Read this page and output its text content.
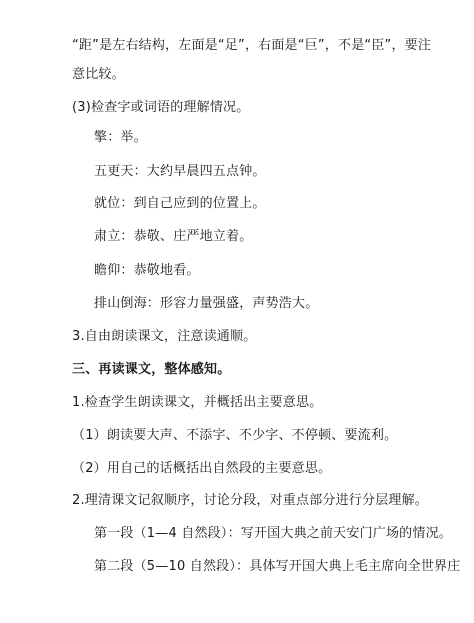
“距”是左右结构，左面是“足”，右面是“巨”，不是“臣”，要注
意比较。
(3)检查字或词语的理解情况。
擎：举。
五更天：大约早晨四五点钟。
就位：到自己应到的位置上。
肃立：恭敬、庄严地立着。
瞻仰：恭敬地看。
排山倒海：形容力量强盛，声势浩大。
3.自由朗读课文，注意读通顺。
三、再读课文，整体感知。
1.检查学生朗读课文，并概括出主要意思。
（1）朗读要大声、不添字、不少字、不停顿、要流利。
（2）用自己的话概括出自然段的主要意思。
2.理清课文记叙顺序，讨论分段，对重点部分进行分层理解。
第一段（1—4 自然段）：写开国大典之前天安门广场的情况。
第二段（5—10 自然段）：具体写开国大典上毛主席向全世界庄
